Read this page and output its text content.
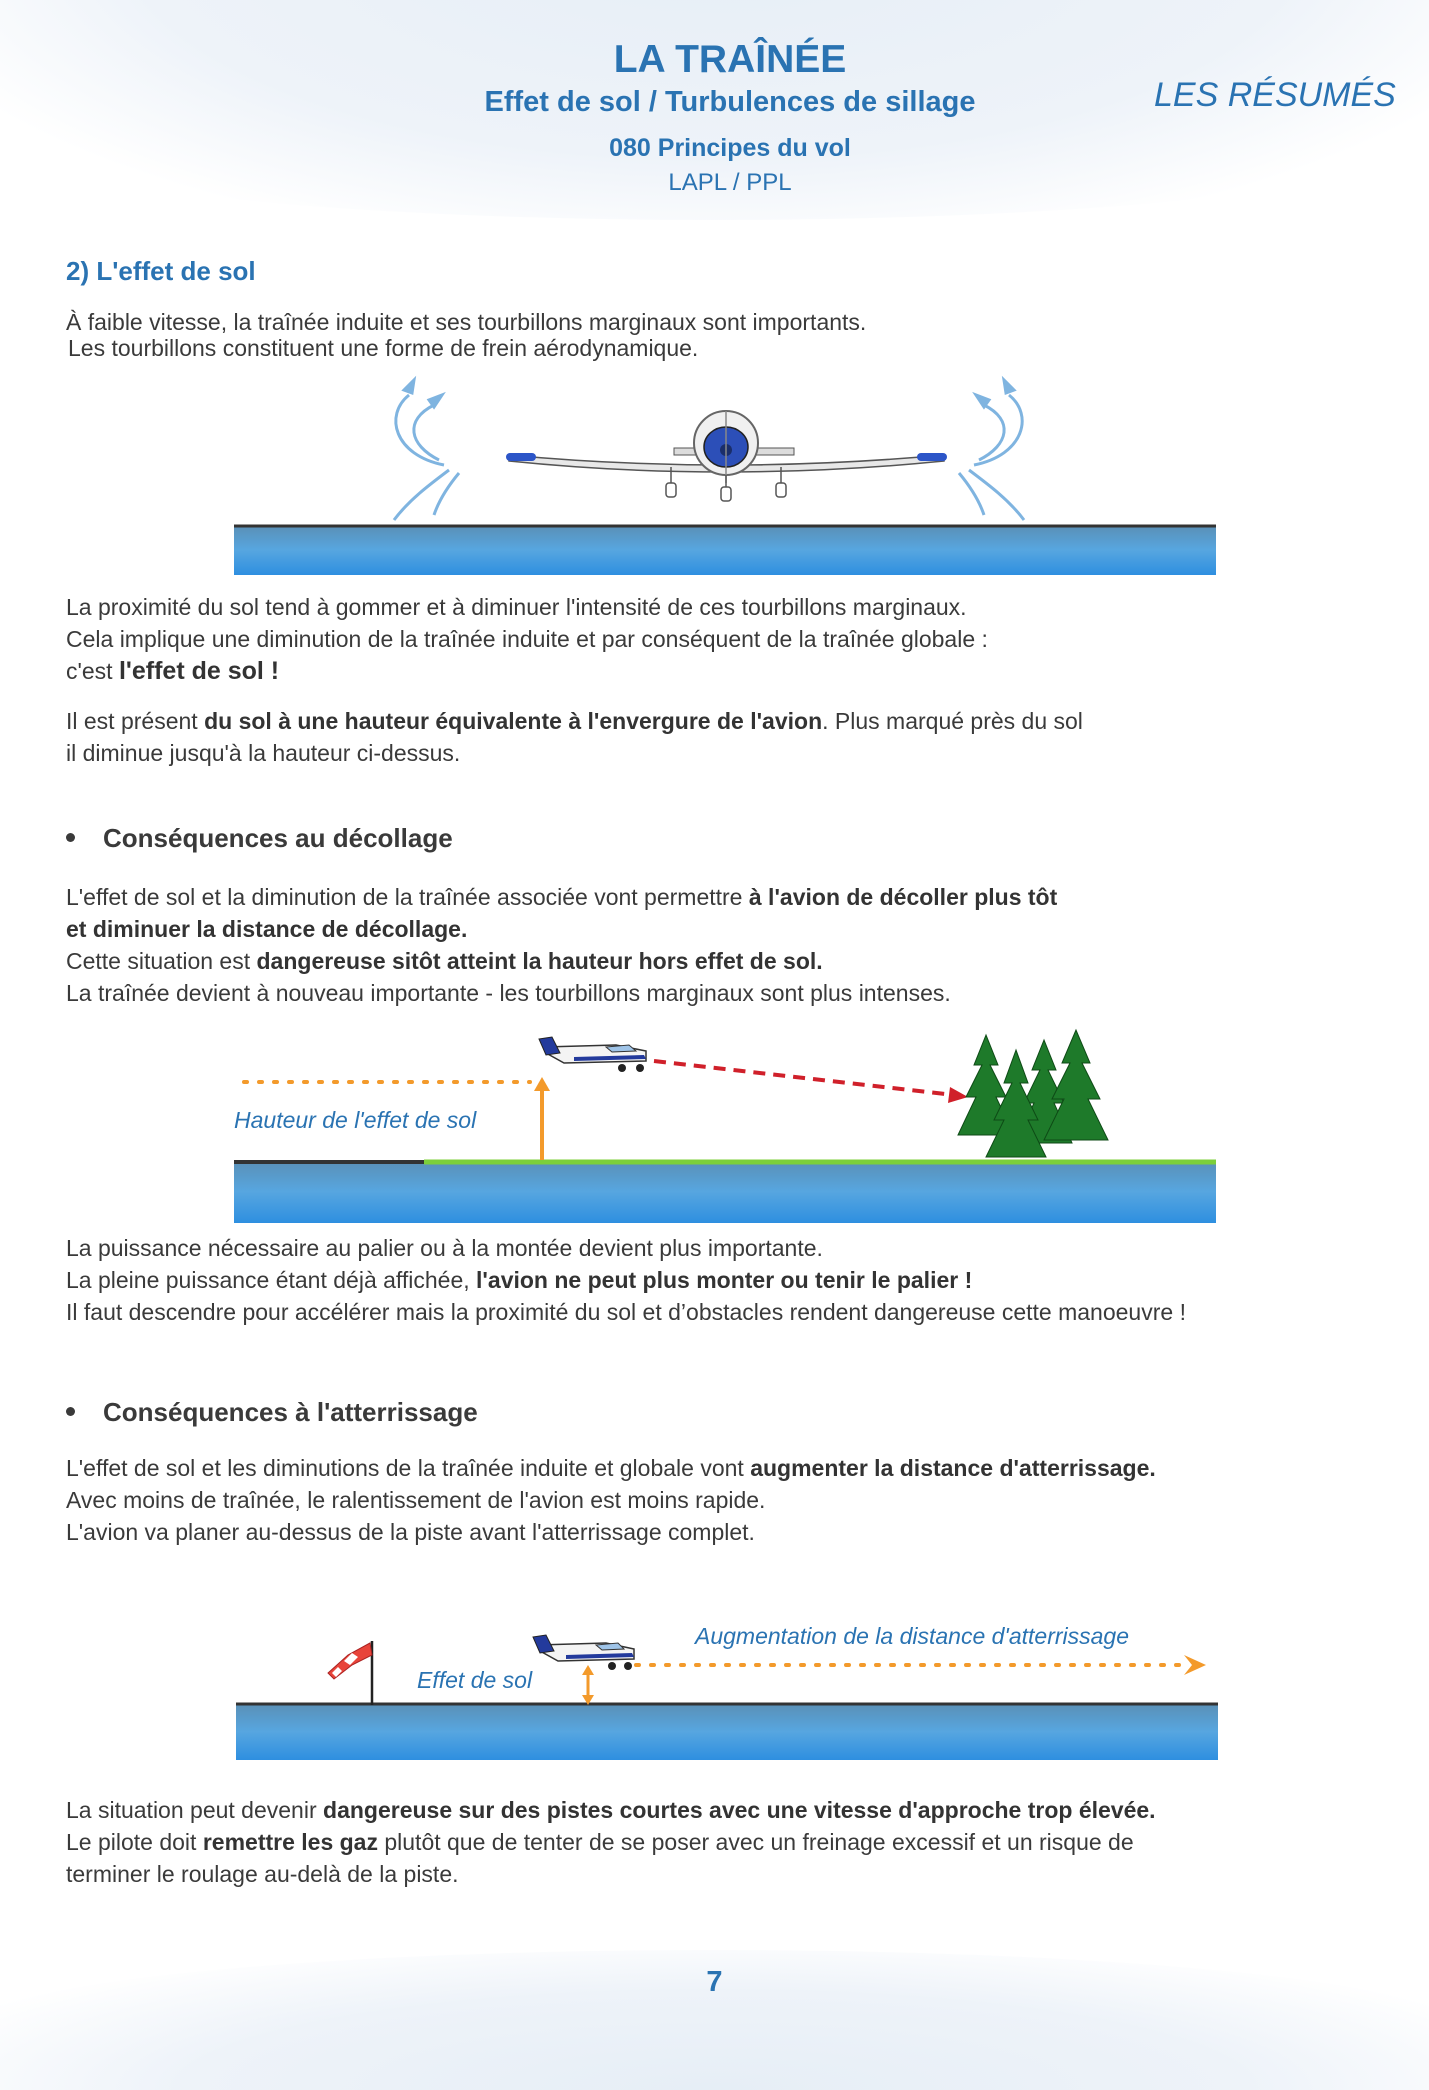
LA TRAÎNÉE
Effet de sol / Turbulences de sillage
080 Principes du vol
LAPL / PPL
LES RÉSUMÉS
2) L'effet de sol
À faible vitesse, la traînée induite et ses tourbillons marginaux sont importants.
Les tourbillons constituent une forme de frein aérodynamique.
La proximité du sol tend à gommer et à diminuer l'intensité de ces tourbillons marginaux.
Cela implique une diminution de la traînée induite et par conséquent de la traînée globale :
c'est l'effet de sol !
Il est présent du sol à une hauteur équivalente à l'envergure de l'avion. Plus marqué près du sol
il diminue jusqu'à la hauteur ci-dessus.
Conséquences au décollage
L'effet de sol et la diminution de la traînée associée vont permettre à l'avion de décoller plus tôt
et diminuer la distance de décollage.
Cette situation est dangereuse sitôt atteint la hauteur hors effet de sol.
La traînée devient à nouveau importante - les tourbillons marginaux sont plus intenses.
Hauteur de l'effet de sol
La puissance nécessaire au palier ou à la montée devient plus importante.
La pleine puissance étant déjà affichée, l'avion ne peut plus monter ou tenir le palier !
Il faut descendre pour accélérer mais la proximité du sol et d’obstacles rendent dangereuse cette manoeuvre !
Conséquences à l'atterrissage
L'effet de sol et les diminutions de la traînée induite et globale vont augmenter la distance d'atterrissage.
Avec moins de traînée, le ralentissement de l'avion est moins rapide.
L'avion va planer au-dessus de la piste avant l'atterrissage complet.
Augmentation de la distance d'atterrissage
Effet de sol
La situation peut devenir dangereuse sur des pistes courtes avec une vitesse d'approche trop élevée.
Le pilote doit remettre les gaz plutôt que de tenter de se poser avec un freinage excessif et un risque de
terminer le roulage au-delà de la piste.
7
